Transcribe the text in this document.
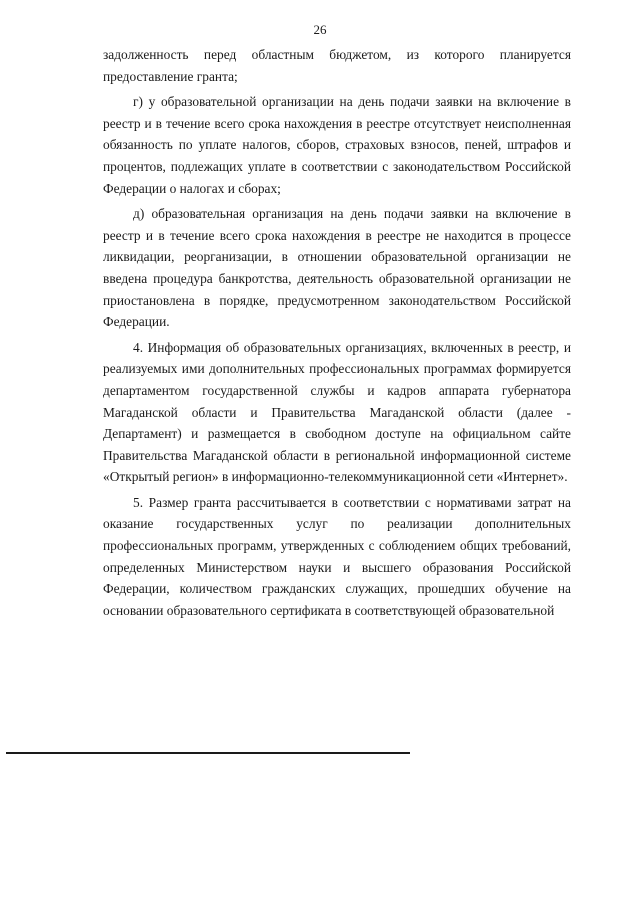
26

задолженность перед областным бюджетом, из которого планируется предоставление гранта;

г) у образовательной организации на день подачи заявки на включение в реестр и в течение всего срока нахождения в реестре отсутствует неисполненная обязанность по уплате налогов, сборов, страховых взносов, пеней, штрафов и процентов, подлежащих уплате в соответствии с законодательством Российской Федерации о налогах и сборах;

д) образовательная организация на день подачи заявки на включение в реестр и в течение всего срока нахождения в реестре не находится в процессе ликвидации, реорганизации, в отношении образовательной организации не введена процедура банкротства, деятельность образовательной организации не приостановлена в порядке, предусмотренном законодательством Российской Федерации.

4. Информация об образовательных организациях, включенных в реестр, и реализуемых ими дополнительных профессиональных программах формируется департаментом государственной службы и кадров аппарата губернатора Магаданской области и Правительства Магаданской области (далее - Департамент) и размещается в свободном доступе на официальном сайте Правительства Магаданской области в региональной информационной системе «Открытый регион» в информационно-телекоммуникационной сети «Интернет».

5. Размер гранта рассчитывается в соответствии с нормативами затрат на оказание государственных услуг по реализации дополнительных профессиональных программ, утвержденных с соблюдением общих требований, определенных Министерством науки и высшего образования Российской Федерации, количеством гражданских служащих, прошедших обучение на основании образовательного сертификата в соответствующей образовательной
